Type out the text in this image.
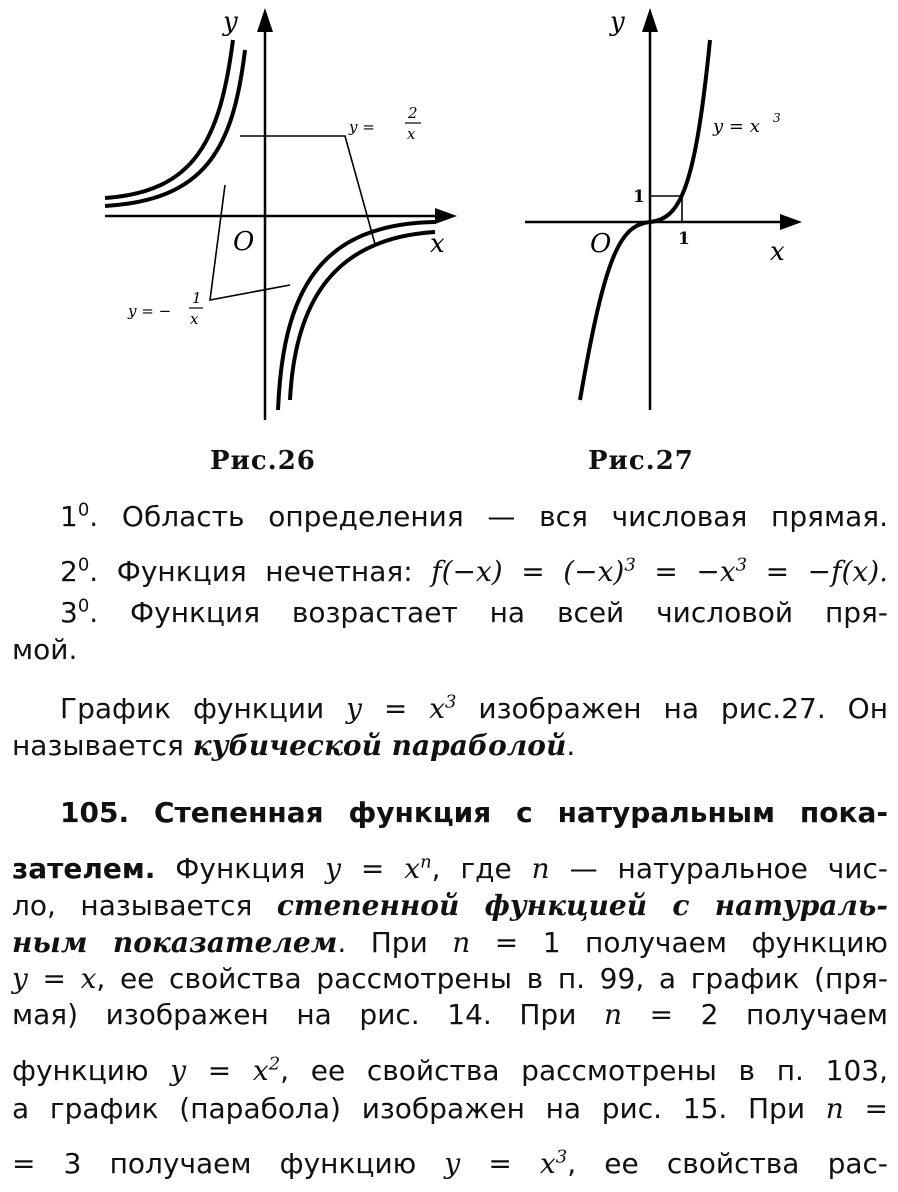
y
x
O
y =
2
x
y = −
1
x
Рис.26
y
x
O
1
1
y = x 3
Рис.27
$1^0$. Область определения — вся числовая прямая.
$2^0$. Функция нечетная: $f(-x) = (-x)^3 = -x^3 = -f(x)$.
$3^0$. Функция возрастает на всей числовой пря-
мой.
График функции $y = x^3$ изображен на рис.27. Он
называется кубической параболой.
105. Степенная функция с натуральным пока-
зателем. Функция $y = x^n$, где n — натуральное чис-
ло, называется степенной функцией с натураль-
ным показателем. При n = 1 получаем функцию
y = x, ее свойства рассмотрены в п. 99, а график (пря-
мая) изображен на рис. 14. При n = 2 получаем
функцию $y = x^2$, ее свойства рассмотрены в п. 103,
а график (парабола) изображен на рис. 15. При n =
= 3 получаем функцию $y = x^3$, ее свойства рас-
